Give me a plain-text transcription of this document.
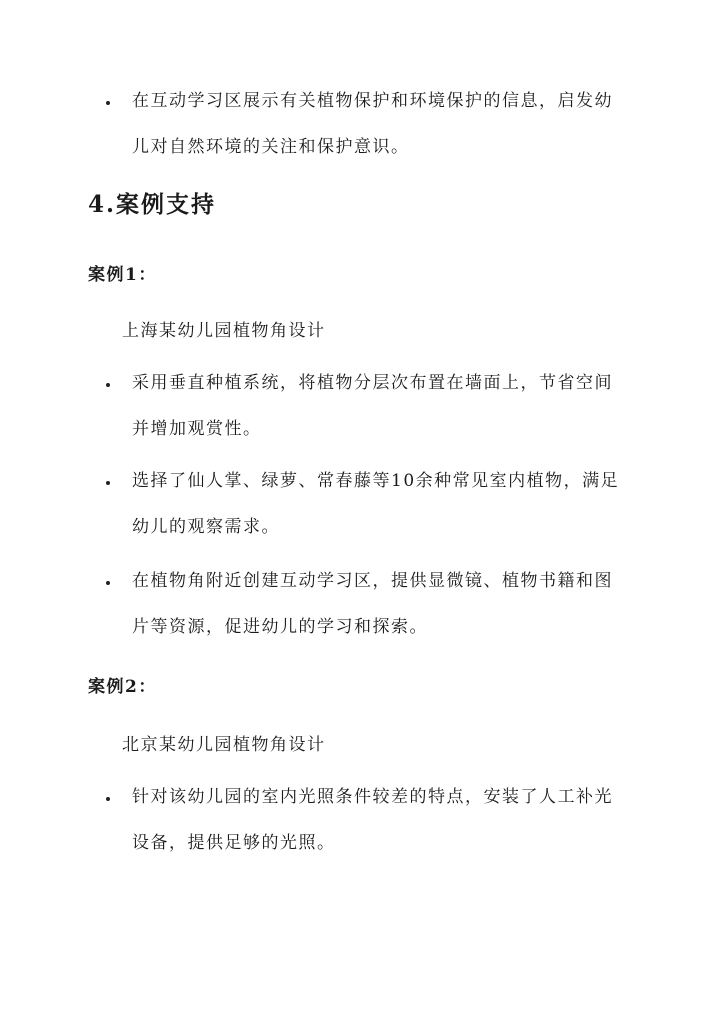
在互动学习区展示有关植物保护和环境保护的信息，启发幼儿对自然环境的关注和保护意识。
4.案例支持
案例1：
上海某幼儿园植物角设计
采用垂直种植系统，将植物分层次布置在墙面上，节省空间并增加观赏性。
选择了仙人掌、绿萝、常春藤等10余种常见室内植物，满足幼儿的观察需求。
在植物角附近创建互动学习区，提供显微镜、植物书籍和图片等资源，促进幼儿的学习和探索。
案例2：
北京某幼儿园植物角设计
针对该幼儿园的室内光照条件较差的特点，安装了人工补光设备，提供足够的光照。
